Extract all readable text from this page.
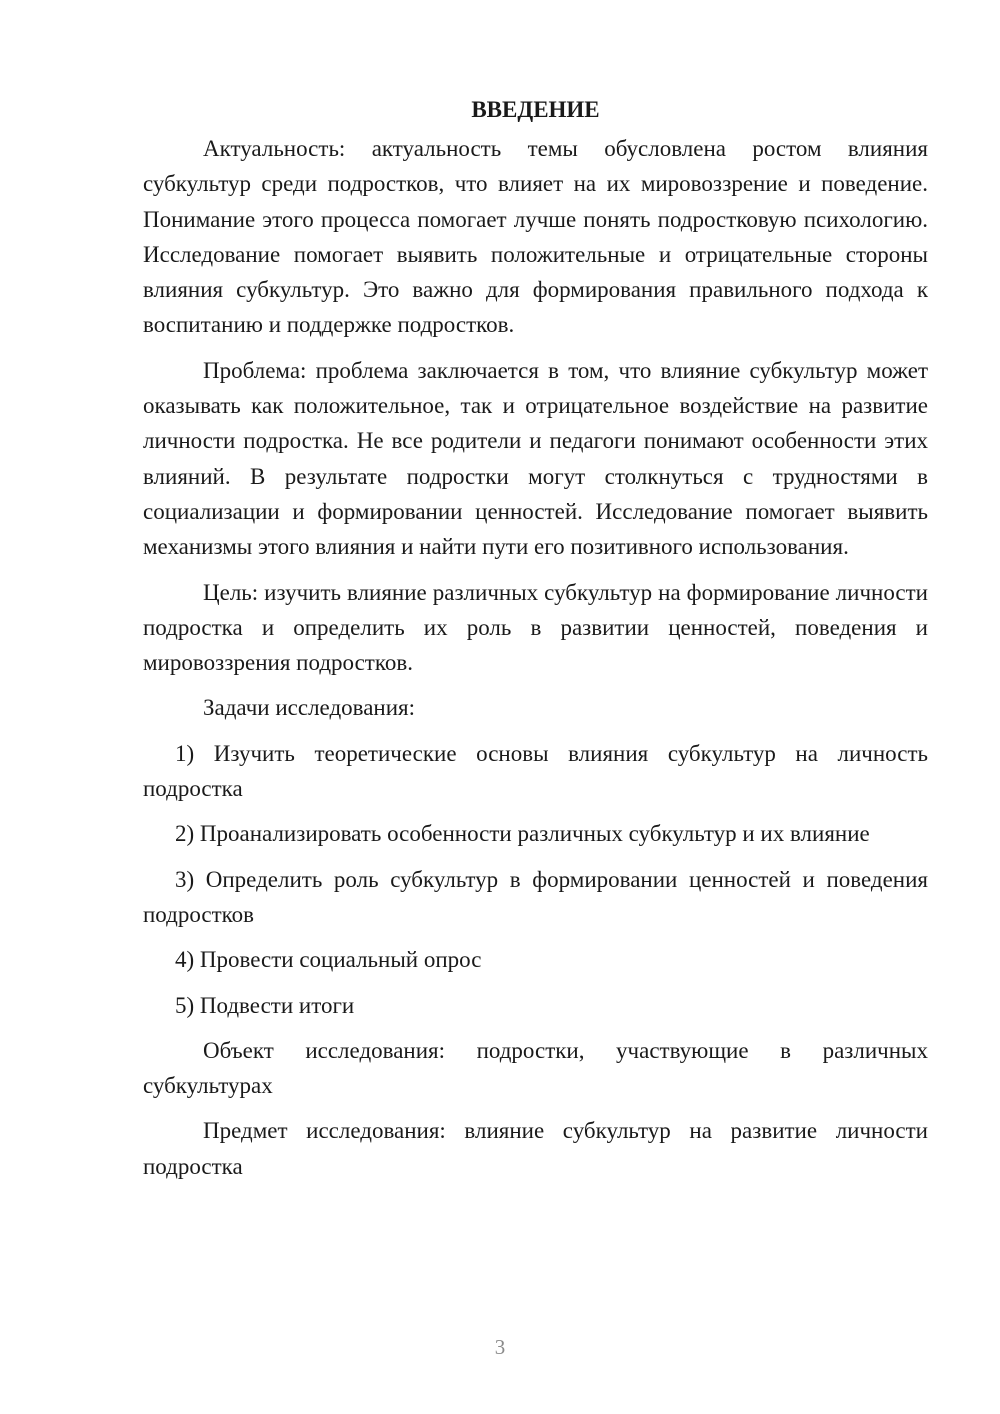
ВВЕДЕНИЕ

Актуальность: актуальность темы обусловлена ростом влияния субкультур среди подростков, что влияет на их мировоззрение и поведение. Понимание этого процесса помогает лучше понять подростковую психологию. Исследование помогает выявить положительные и отрицательные стороны влияния субкультур. Это важно для формирования правильного подхода к воспитанию и поддержке подростков.

Проблема: проблема заключается в том, что влияние субкультур может оказывать как положительное, так и отрицательное воздействие на развитие личности подростка. Не все родители и педагоги понимают особенности этих влияний. В результате подростки могут столкнуться с трудностями в социализации и формировании ценностей. Исследование помогает выявить механизмы этого влияния и найти пути его позитивного использования.

Цель: изучить влияние различных субкультур на формирование личности подростка и определить их роль в развитии ценностей, поведения и мировоззрения подростков.

Задачи исследования:

1) Изучить теоретические основы влияния субкультур на личность подростка

2) Проанализировать особенности различных субкультур и их влияние

3) Определить роль субкультур в формировании ценностей и поведения подростков

4) Провести социальный опрос

5) Подвести итоги

Объект исследования: подростки, участвующие в различных субкультурах

Предмет исследования: влияние субкультур на развитие личности подростка

3
